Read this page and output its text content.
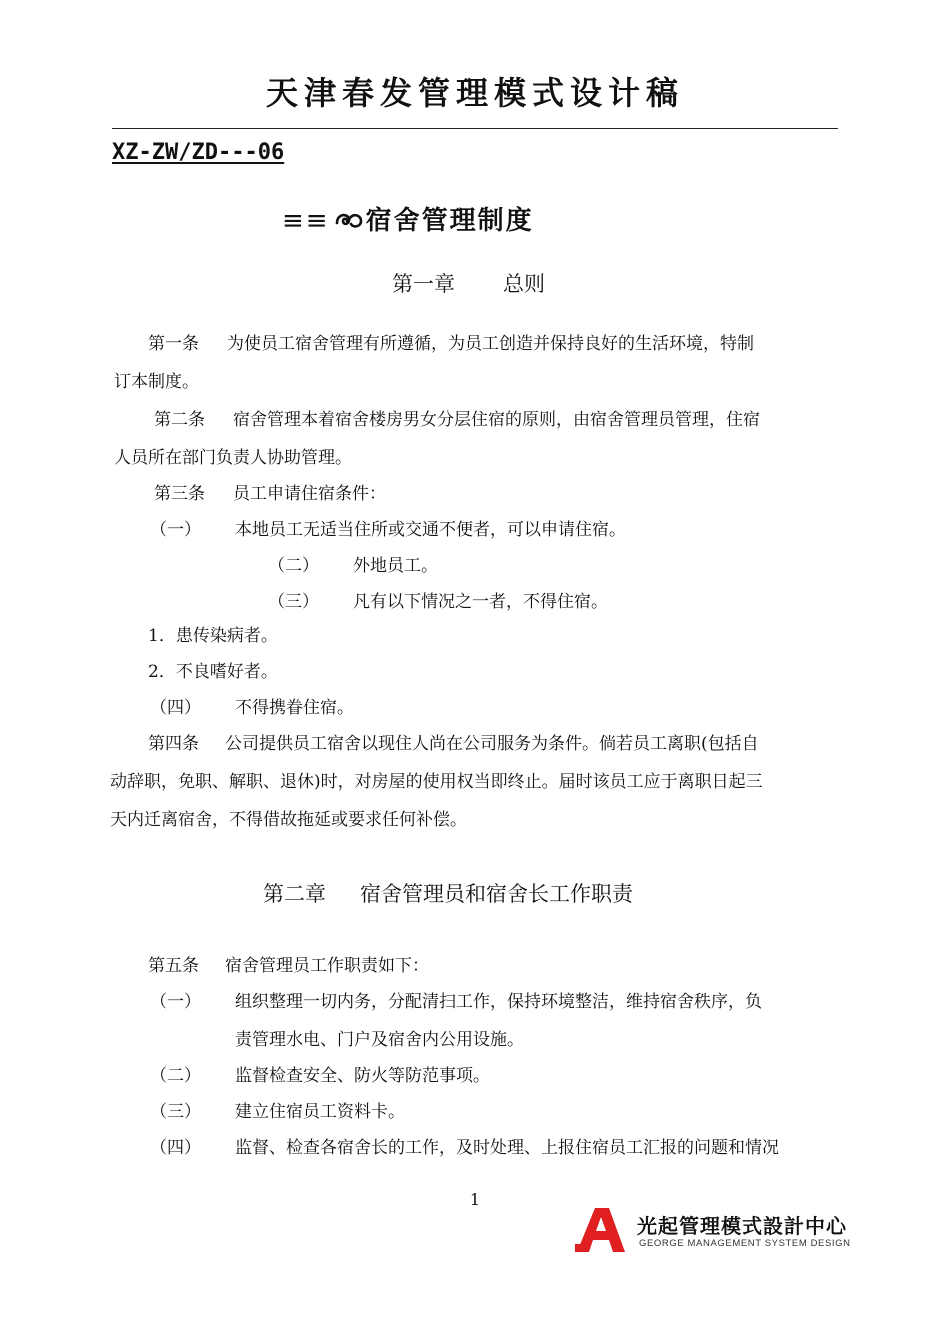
天津春发管理模式设计稿
XZ-ZW/ZD---06
≡≡ 宿舍管理制度
第一章 总则
第一条 为使员工宿舍管理有所遵循，为员工创造并保持良好的生活环境，特制
订本制度。
第二条 宿舍管理本着宿舍楼房男女分层住宿的原则，由宿舍管理员管理，住宿
人员所在部门负责人协助管理。
第三条 员工申请住宿条件：
（一） 本地员工无适当住所或交通不便者，可以申请住宿。
（二） 外地员工。
（三） 凡有以下情况之一者，不得住宿。
1．患传染病者。
2．不良嗜好者。
（四） 不得携眷住宿。
第四条 公司提供员工宿舍以现住人尚在公司服务为条件。倘若员工离职(包括自
动辞职，免职、解职、退休)时，对房屋的使用权当即终止。届时该员工应于离职日起三
天内迁离宿舍，不得借故拖延或要求任何补偿。
第二章 宿舍管理员和宿舍长工作职责
第五条 宿舍管理员工作职责如下：
（一） 组织整理一切内务，分配清扫工作，保持环境整洁，维持宿舍秩序，负
责管理水电、门户及宿舍内公用设施。
（二） 监督检查安全、防火等防范事项。
（三） 建立住宿员工资料卡。
（四） 监督、检查各宿舍长的工作，及时处理、上报住宿员工汇报的问题和情况
1
光起管理模式設計中心
GEORGE MANAGEMENT SYSTEM DESIGN
